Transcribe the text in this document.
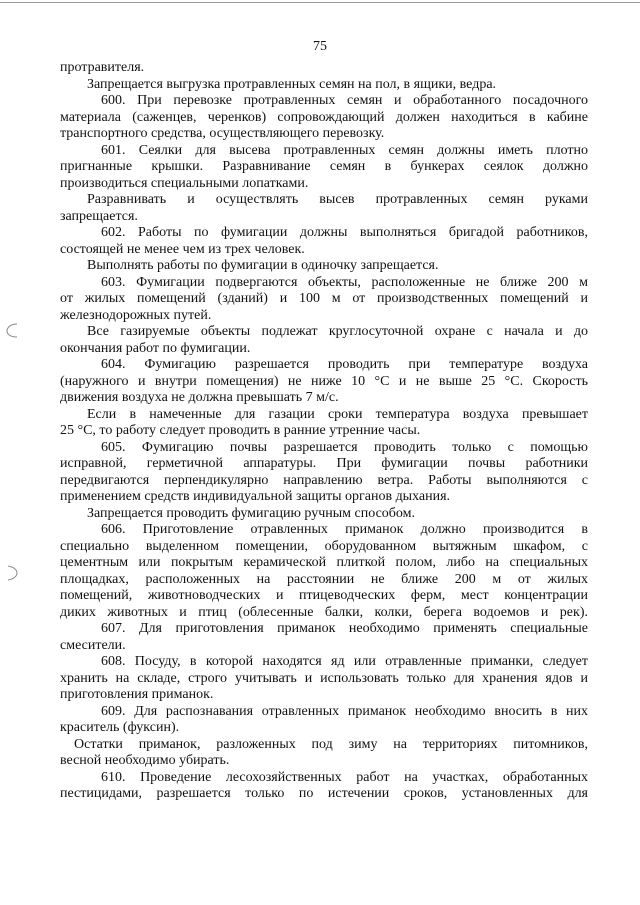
75
протравителя.
Запрещается выгрузка протравленных семян на пол, в ящики, ведра.
600. При перевозке протравленных семян и обработанного посадочного
материала (саженцев, черенков) сопровождающий должен находиться в кабине
транспортного средства, осуществляющего перевозку.
601. Сеялки для высева протравленных семян должны иметь плотно
пригнанные крышки. Разравнивание семян в бункерах сеялок должно
производиться специальными лопатками.
Разравнивать и осуществлять высев протравленных семян руками
запрещается.
602. Работы по фумигации должны выполняться бригадой работников,
состоящей не менее чем из трех человек.
Выполнять работы по фумигации в одиночку запрещается.
603. Фумигации подвергаются объекты, расположенные не ближе 200 м
от жилых помещений (зданий) и 100 м от производственных помещений и
железнодорожных путей.
Все газируемые объекты подлежат круглосуточной охране с начала и до
окончания работ по фумигации.
604. Фумигацию разрешается проводить при температуре воздуха
(наружного и внутри помещения) не ниже 10 °С и не выше 25 °С. Скорость
движения воздуха не должна превышать 7 м/с.
Если в намеченные для газации сроки температура воздуха превышает
25 °С, то работу следует проводить в ранние утренние часы.
605. Фумигацию почвы разрешается проводить только с помощью
исправной, герметичной аппаратуры. При фумигации почвы работники
передвигаются перпендикулярно направлению ветра. Работы выполняются с
применением средств индивидуальной защиты органов дыхания.
Запрещается проводить фумигацию ручным способом.
606. Приготовление отравленных приманок должно производится в
специально выделенном помещении, оборудованном вытяжным шкафом, с
цементным или покрытым керамической плиткой полом, либо на специальных
площадках, расположенных на расстоянии не ближе 200 м от жилых
помещений, животноводческих и птицеводческих ферм, мест концентрации
диких животных и птиц (облесенные балки, колки, берега водоемов и рек).
607. Для приготовления приманок необходимо применять специальные
смесители.
608. Посуду, в которой находятся яд или отравленные приманки, следует
хранить на складе, строго учитывать и использовать только для хранения ядов и
приготовления приманок.
609. Для распознавания отравленных приманок необходимо вносить в них
краситель (фуксин).
Остатки приманок, разложенных под зиму на территориях питомников,
весной необходимо убирать.
610. Проведение лесохозяйственных работ на участках, обработанных
пестицидами, разрешается только по истечении сроков, установленных для
